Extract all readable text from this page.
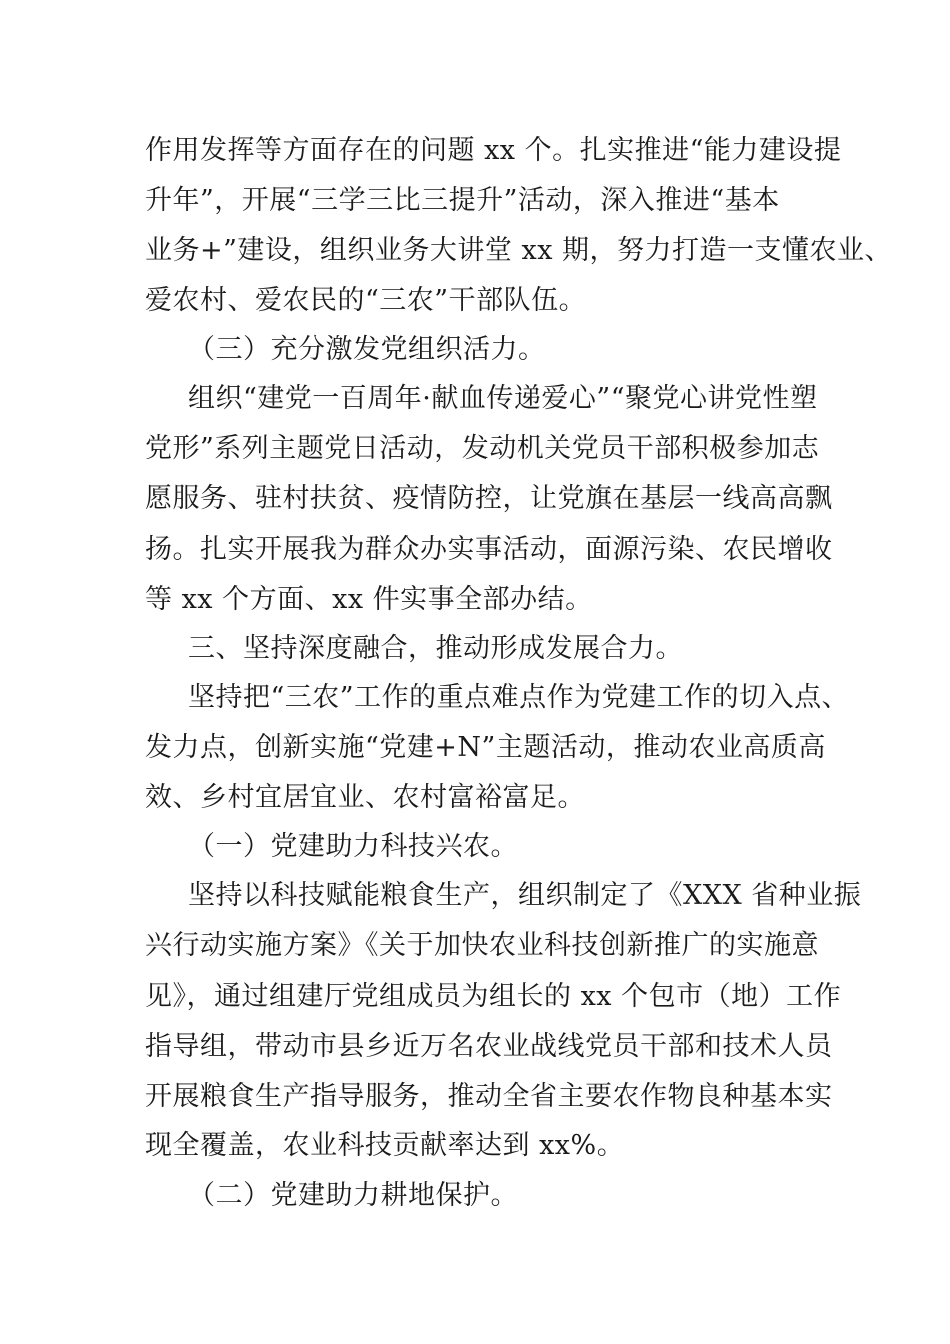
作用发挥等方面存在的问题 xx 个。扎实推进“能力建设提
升年”，开展“三学三比三提升”活动，深入推进“基本
业务+”建设，组织业务大讲堂 xx 期，努力打造一支懂农业、
爱农村、爱农民的“三农”干部队伍。
（三）充分激发党组织活力。
组织“建党一百周年·献血传递爱心”“聚党心讲党性塑
党形”系列主题党日活动，发动机关党员干部积极参加志
愿服务、驻村扶贫、疫情防控，让党旗在基层一线高高飘
扬。扎实开展我为群众办实事活动，面源污染、农民增收
等 xx 个方面、xx 件实事全部办结。
三、坚持深度融合，推动形成发展合力。
坚持把“三农”工作的重点难点作为党建工作的切入点、
发力点，创新实施“党建+N”主题活动，推动农业高质高
效、乡村宜居宜业、农村富裕富足。
（一）党建助力科技兴农。
坚持以科技赋能粮食生产，组织制定了《XXX 省种业振
兴行动实施方案》《关于加快农业科技创新推广的实施意
见》，通过组建厅党组成员为组长的 xx 个包市（地）工作
指导组，带动市县乡近万名农业战线党员干部和技术人员
开展粮食生产指导服务，推动全省主要农作物良种基本实
现全覆盖，农业科技贡献率达到 xx%。
（二）党建助力耕地保护。
